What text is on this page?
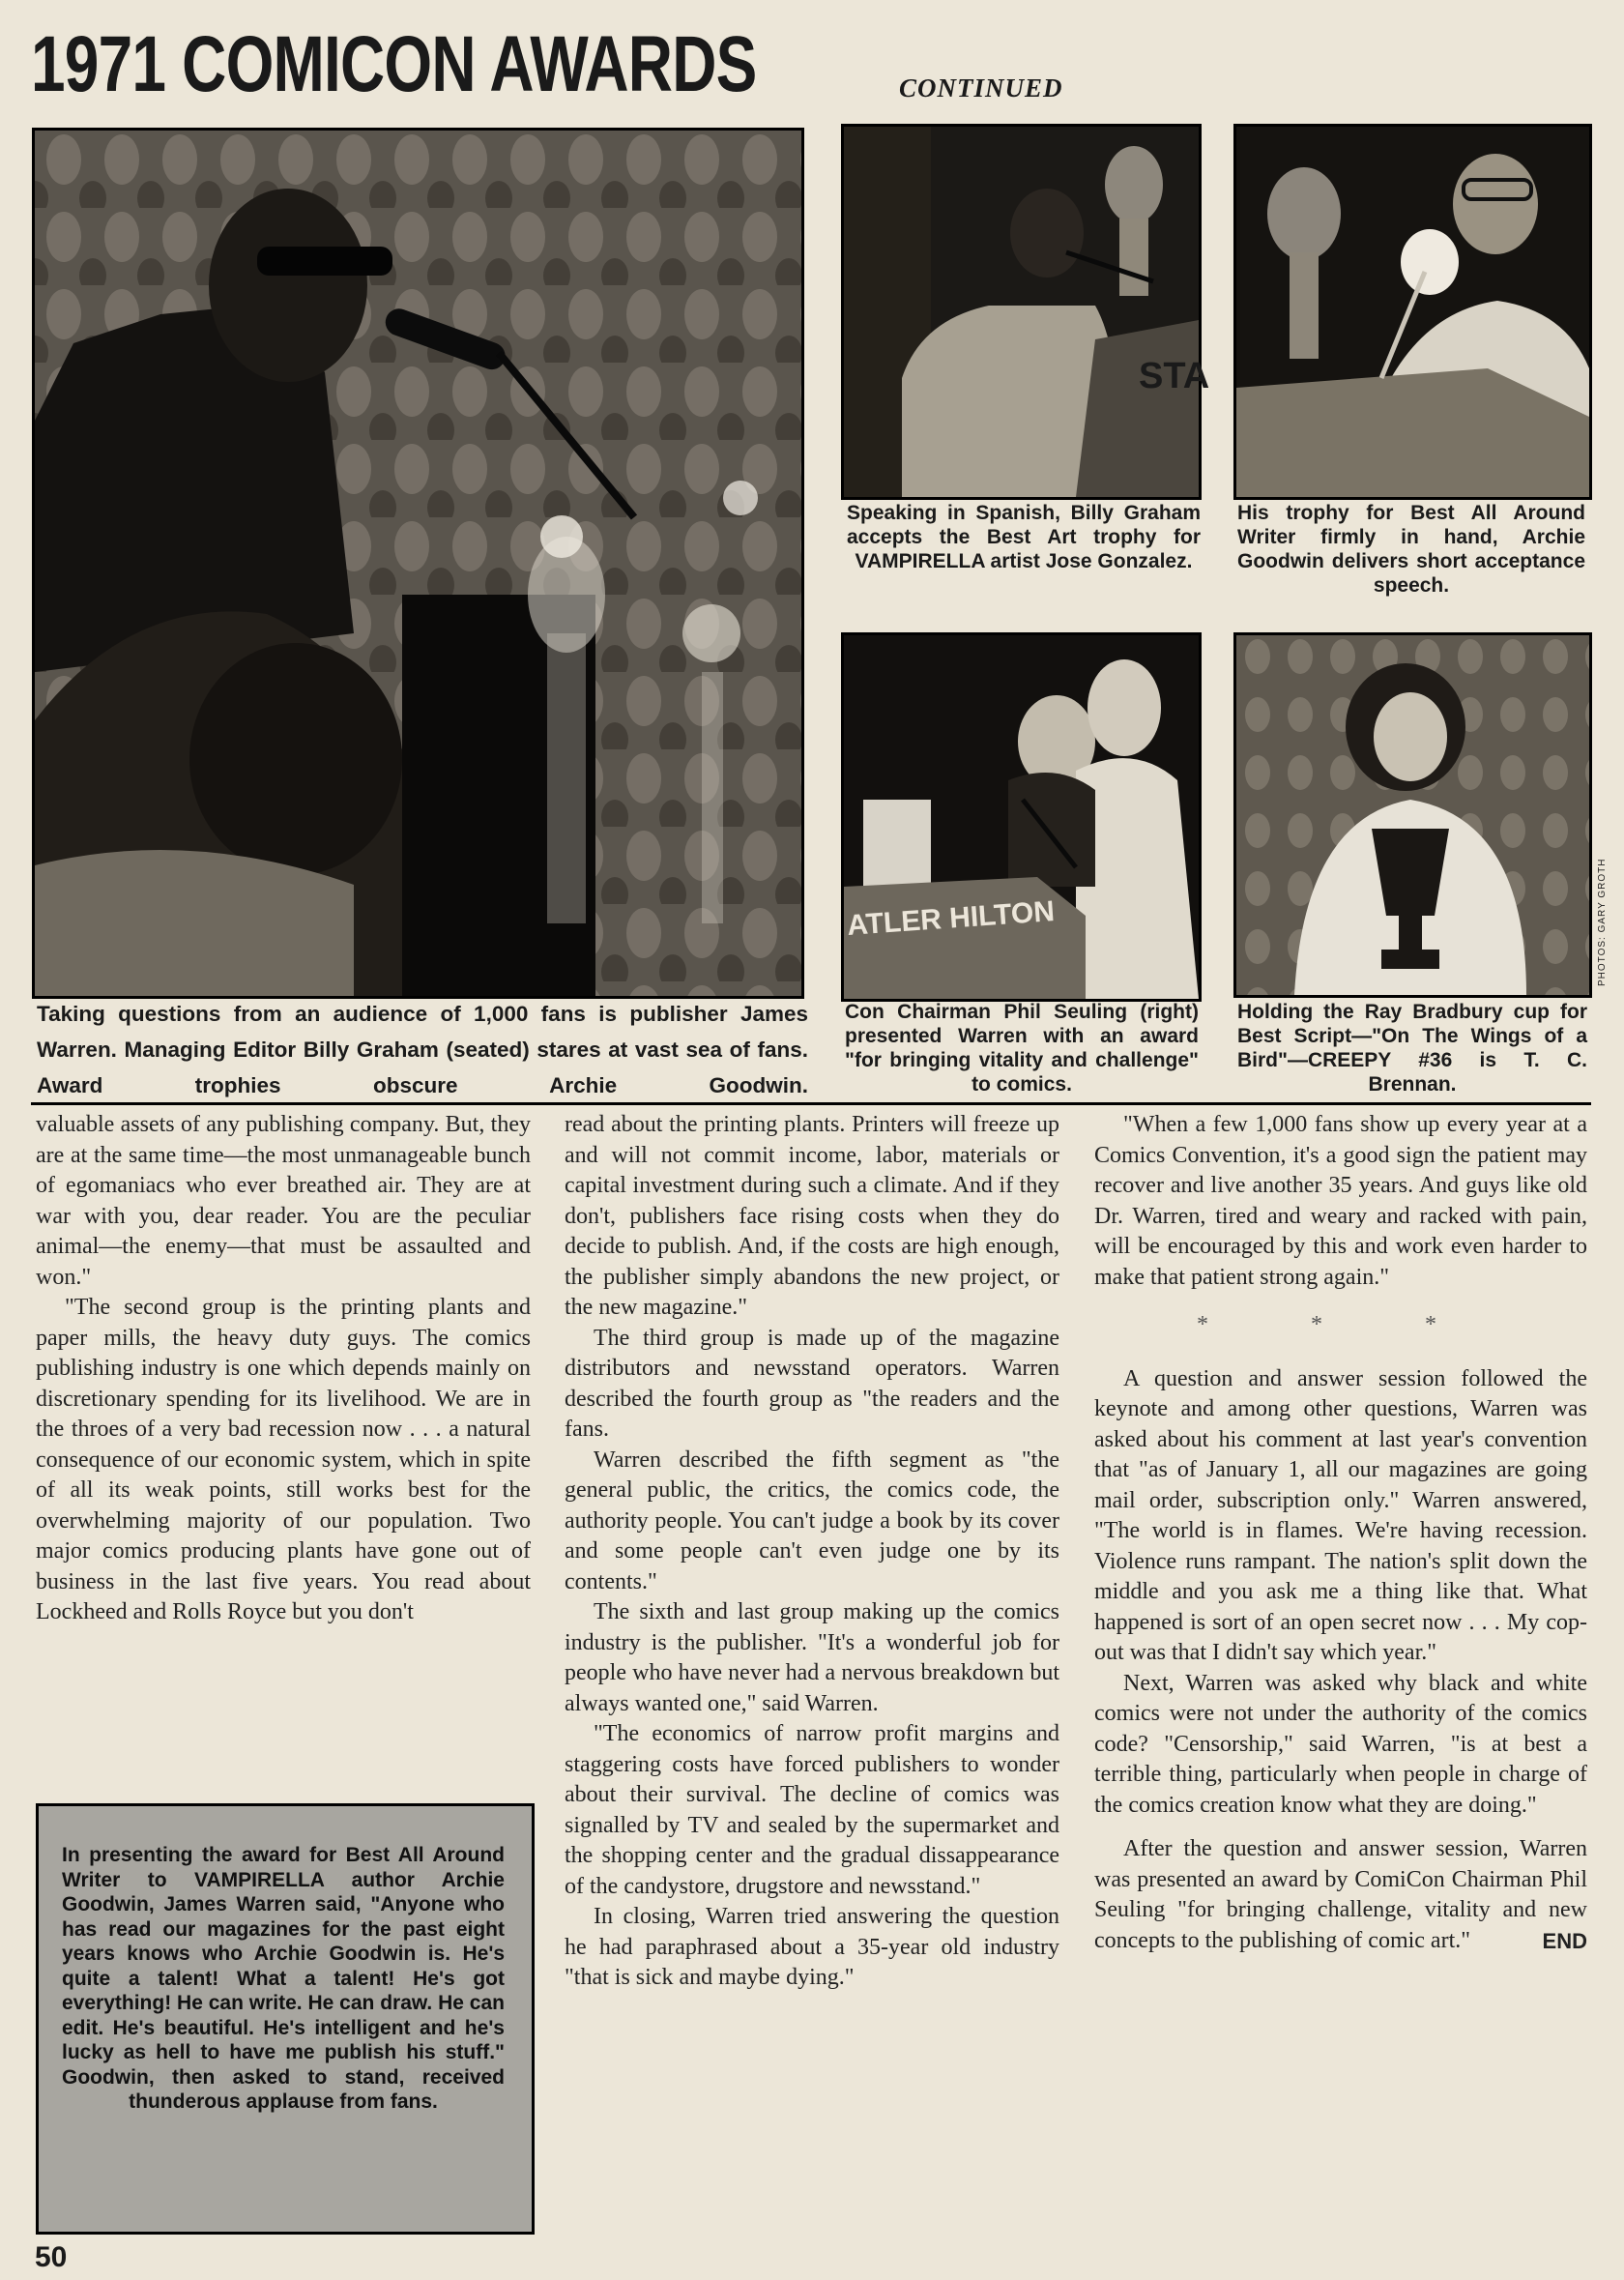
1971 COMICON AWARDS	CONTINUED
STA
ATLER HILTON	PHOTOS: GARY GROTH
Taking questions from an audience of 1,000 fans is publisher James Warren. Managing Editor Billy Graham (seated) stares at vast sea of fans. Award trophies obscure Archie Goodwin.
Speaking in Spanish, Billy Graham accepts the Best Art trophy for VAMPIRELLA artist Jose Gonzalez.
His trophy for Best All Around Writer firmly in hand, Archie Goodwin delivers short acceptance speech.
Con Chairman Phil Seuling (right) presented Warren with an award "for bringing vitality and challenge" to comics.
Holding the Ray Bradbury cup for Best Script—"On The Wings of a Bird"—CREEPY #36 is T. C. Brennan.

valuable assets of any publishing company. But, they are at the same time—the most unmanageable bunch of egomaniacs who ever breathed air. They are at war with you, dear reader. You are the peculiar animal—the enemy—that must be assaulted and won."

"The second group is the printing plants and paper mills, the heavy duty guys. The comics publishing industry is one which depends mainly on discretionary spending for its livelihood. We are in the throes of a very bad recession now . . . a natural consequence of our economic system, which in spite of all its weak points, still works best for the overwhelming majority of our population. Two major comics producing plants have gone out of business in the last five years. You read about Lockheed and Rolls Royce but you don't

In presenting the award for Best All Around Writer to VAMPIRELLA author Archie Goodwin, James Warren said, "Anyone who has read our magazines for the past eight years knows who Archie Goodwin is. He's quite a talent! What a talent! He's got everything! He can write. He can draw. He can edit. He's beautiful. He's intelligent and he's lucky as hell to have me publish his stuff." Goodwin, then asked to stand, received thunderous applause from fans.

read about the printing plants. Printers will freeze up and will not commit income, labor, materials or capital investment during such a climate. And if they don't, publishers face rising costs when they do decide to publish. And, if the costs are high enough, the publisher simply abandons the new project, or the new magazine."

The third group is made up of the magazine distributors and newsstand operators. Warren described the fourth group as "the readers and the fans.

Warren described the fifth segment as "the general public, the critics, the comics code, the authority people. You can't judge a book by its cover and some people can't even judge one by its contents."

The sixth and last group making up the comics industry is the publisher. "It's a wonderful job for people who have never had a nervous breakdown but always wanted one," said Warren.

"The economics of narrow profit margins and staggering costs have forced publishers to wonder about their survival. The decline of comics was signalled by TV and sealed by the supermarket and the shopping center and the gradual dissappearance of the candystore, drugstore and newsstand."

In closing, Warren tried answering the question he had paraphrased about a 35-year old industry "that is sick and maybe dying."

"When a few 1,000 fans show up every year at a Comics Convention, it's a good sign the patient may recover and live another 35 years. And guys like old Dr. Warren, tired and weary and racked with pain, will be encouraged by this and work even harder to make that patient strong again."

* * *

A question and answer session followed the keynote and among other questions, Warren was asked about his comment at last year's convention that "as of January 1, all our magazines are going mail order, subscription only." Warren answered, "The world is in flames. We're having recession. Violence runs rampant. The nation's split down the middle and you ask me a thing like that. What happened is sort of an open secret now . . . My cop-out was that I didn't say which year."

Next, Warren was asked why black and white comics were not under the authority of the comics code? "Censorship," said Warren, "is at best a terrible thing, particularly when people in charge of the comics creation know what they are doing."

After the question and answer session, Warren was presented an award by ComiCon Chairman Phil Seuling "for bringing challenge, vitality and new concepts to the publishing of comic art."	END

50
